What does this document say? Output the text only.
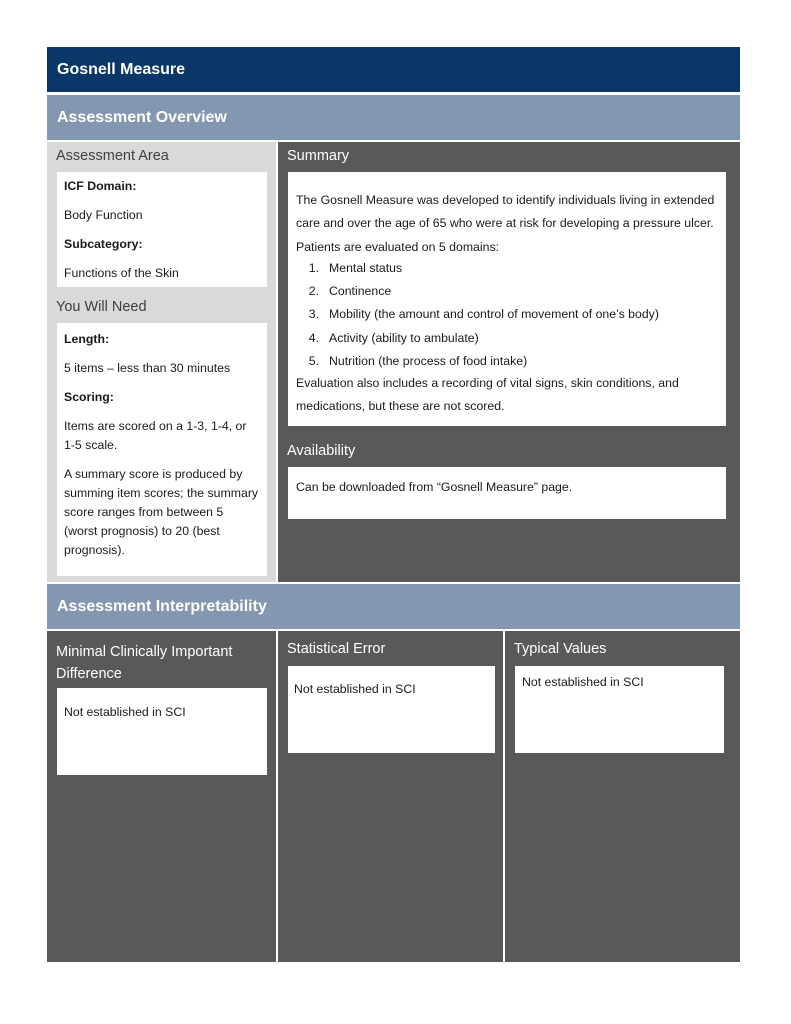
Gosnell Measure
Assessment Overview
Assessment Area
ICF Domain:
Body Function
Subcategory:
Functions of the Skin
You Will Need
Length:
5 items – less than 30 minutes
Scoring:
Items are scored on a 1-3, 1-4, or 1-5 scale.
A summary score is produced by summing item scores; the summary score ranges from between 5 (worst prognosis) to 20 (best prognosis).
Summary
The Gosnell Measure was developed to identify individuals living in extended care and over the age of 65 who were at risk for developing a pressure ulcer. Patients are evaluated on 5 domains:
1. Mental status
2. Continence
3. Mobility (the amount and control of movement of one’s body)
4. Activity (ability to ambulate)
5. Nutrition (the process of food intake)
Evaluation also includes a recording of vital signs, skin conditions, and medications, but these are not scored.
Availability
Can be downloaded from “Gosnell Measure” page.
Assessment Interpretability
Minimal Clinically Important Difference
Not established in SCI
Statistical Error
Not established in SCI
Typical Values
Not established in SCI
